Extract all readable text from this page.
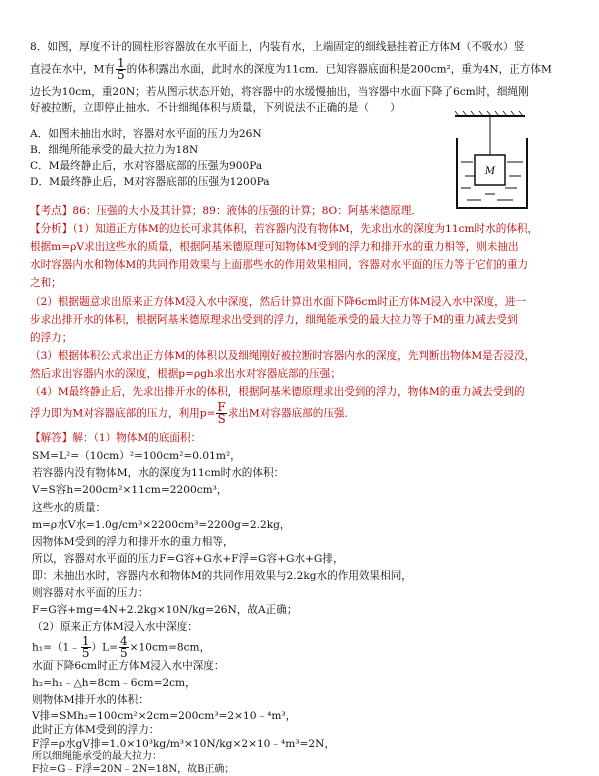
8．如图，厚度不计的圆柱形容器放在水平面上，内装有水，上端固定的细线悬挂着正方体M（不吸水）竖
直浸在水中，M有 $\frac{1}{5}$ 的体积露出水面，此时水的深度为11cm．已知容器底面积是200cm²，重为4N，正方体M
边长为10cm，重20N；若从图示状态开始，将容器中的水缓慢抽出，当容器中水面下降了6cm时，细绳刚
好被拉断，立即停止抽水．不计细绳体积与质量，下列说法不正确的是（　　）
A．如图未抽出水时，容器对水平面的压力为26N
B．细绳所能承受的最大拉力为18N
C．M最终静止后，水对容器底部的压强为900Pa
D．M最终静止后，M对容器底部的压强为1200Pa
M
【考点】86：压强的大小及其计算；89：液体的压强的计算；8O：阿基米德原理．
【分析】（1）知道正方体M的边长可求其体积，若容器内没有物体M，先求出水的深度为11cm时水的体积，
根据m=ρV求出这些水的质量，根据阿基米德原理可知物体M受到的浮力和排开水的重力相等，则未抽出
水时容器内水和物体M的共同作用效果与上面那些水的作用效果相同，容器对水平面的压力等于它们的重力
之和；
（2）根据题意求出原来正方体M浸入水中深度，然后计算出水面下降6cm时正方体M浸入水中深度，进一
步求出排开水的体积，根据阿基米德原理求出受到的浮力，细绳能承受的最大拉力等于M的重力减去受到
的浮力；
（3）根据体积公式求出正方体M的体积以及细绳刚好被拉断时容器内水的深度，先判断出物体M是否浸没，
然后求出容器内水的深度，根据p=ρgh求出水对容器底部的压强；
（4）M最终静止后，先求出排开水的体积，根据阿基米德原理求出受到的浮力，物体M的重力减去受到的
浮力即为M对容器底部的压力，利用$p= \frac{F}{S}$ 求出M对容器底部的压强．
【解答】解：（1）物体M的底面积：
SM=L²=（10cm）²=100cm²=0.01m²，
若容器内没有物体M，水的深度为11cm时水的体积：
V=S容h=200cm²×11cm=2200cm³，
这些水的质量：
m=ρ水V水=1.0g/cm³×2200cm³=2200g=2.2kg，
因物体M受到的浮力和排开水的重力相等，
所以，容器对水平面的压力F=G容+G水+F浮=G容+G水+G排，
即：未抽出水时，容器内水和物体M的共同作用效果与2.2kg水的作用效果相同，
则容器对水平面的压力：
F=G容+mg=4N+2.2kg×10N/kg=26N，故A正确；
（2）原来正方体M浸入水中深度：
h₁=（1﹣ $\frac{1}{5} )L= \frac{4}{5} \times 10cm=8cm$，
水面下降6cm时正方体M浸入水中深度：
h₂=h₁﹣△h=8cm﹣6cm=2cm，
则物体M排开水的体积：
V排=SMh₂=100cm²×2cm=200cm³=2×10﹣⁴m³，
此时正方体M受到的浮力：
F浮=ρ水gV排=1.0×10³kg/m³×10N/kg×2×10﹣⁴m³=2N，
所以细绳能承受的最大拉力：
F拉=G﹣F浮=20N﹣2N=18N，故B正确；
